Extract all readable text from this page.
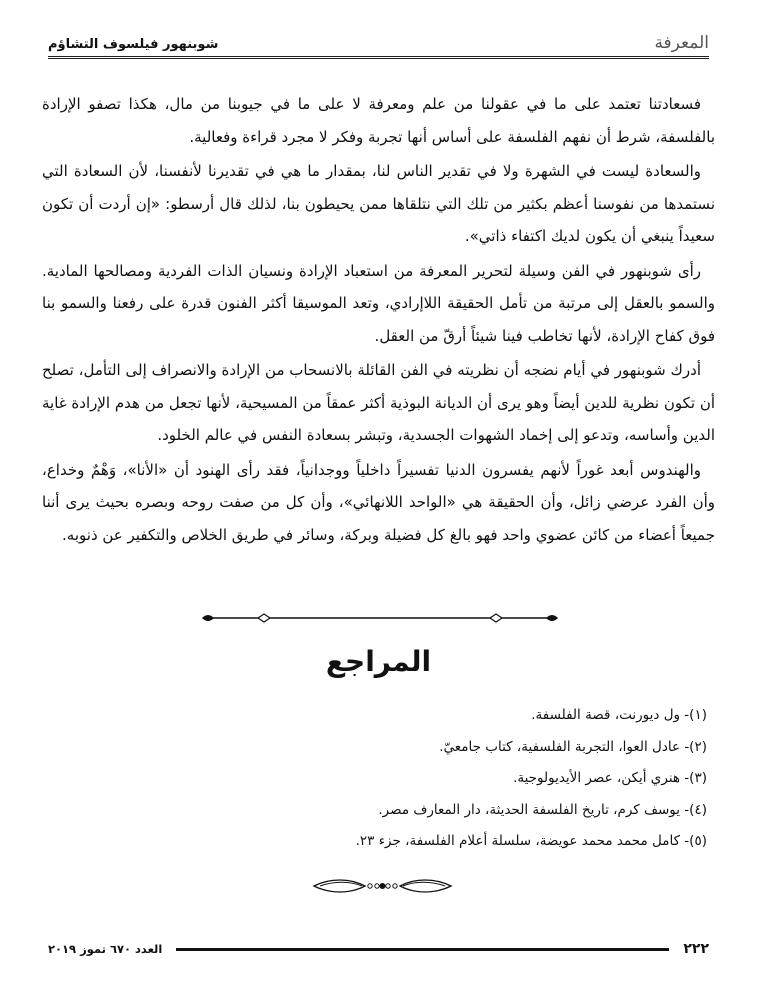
شوبنهور فيلسوف التشاؤم	المعرفة

فسعادتنا تعتمد على ما في عقولنا من علم ومعرفة لا على ما في جيوبنا من مال، هكذا تصفو الإرادة بالفلسفة، شرط أن نفهم الفلسفة على أساس أنها تجربة وفكر لا مجرد قراءة وفعالية.

والسعادة ليست في الشهرة ولا في تقدير الناس لنا، بمقدار ما هي في تقديرنا لأنفسنا، لأن السعادة التي نستمدها من نفوسنا أعظم بكثير من تلك التي نتلقاها ممن يحيطون بنا، لذلك قال أرسطو: «إن أردت أن تكون سعيداً ينبغي أن يكون لديك اكتفاء ذاتي».

رأى شوبنهور في الفن وسيلة لتحرير المعرفة من استعباد الإرادة ونسيان الذات الفردية ومصالحها المادية. والسمو بالعقل إلى مرتبة من تأمل الحقيقة اللاإرادي، وتعد الموسيقا أكثر الفنون قدرة على رفعنا والسمو بنا فوق كفاح الإرادة، لأنها تخاطب فينا شيئاً أرقّ من العقل.

أدرك شوبنهور في أيام نضجه أن نظريته في الفن القائلة بالانسحاب من الإرادة والانصراف إلى التأمل، تصلح أن تكون نظرية للدين أيضاً وهو يرى أن الديانة البوذية أكثر عمقاً من المسيحية، لأنها تجعل من هدم الإرادة غاية الدين وأساسه، وتدعو إلى إخماد الشهوات الجسدية، وتبشر بسعادة النفس في عالم الخلود.

والهندوس أبعد غوراً لأنهم يفسرون الدنيا تفسيراً داخلياً ووجدانياً، فقد رأى الهنود أن «الأنا»، وَهْمٌ وخداع، وأن الفرد عرضي زائل، وأن الحقيقة هي «الواحد اللانهائي»، وأن كل من صفت روحه وبصره بحيث يرى أننا جميعاً أعضاء من كائن عضوي واحد فهو بالغ كل فضيلة وبركة، وسائر في طريق الخلاص والتكفير عن ذنوبه.

المراجع
(١)- ول ديورنت، قصة الفلسفة.
(٢)- عادل العوا، التجربة الفلسفية، كتاب جامعيّ.
(٣)- هنري أيكن، عصر الأيديولوجية.
(٤)- يوسف كرم، تاريخ الفلسفة الحديثة، دار المعارف مصر.
(٥)- كامل محمد محمد عويضة، سلسلة أعلام الفلسفة، جزء ٢٣.
العدد ٦٧٠ تموز ٢٠١٩	٢٢٢
